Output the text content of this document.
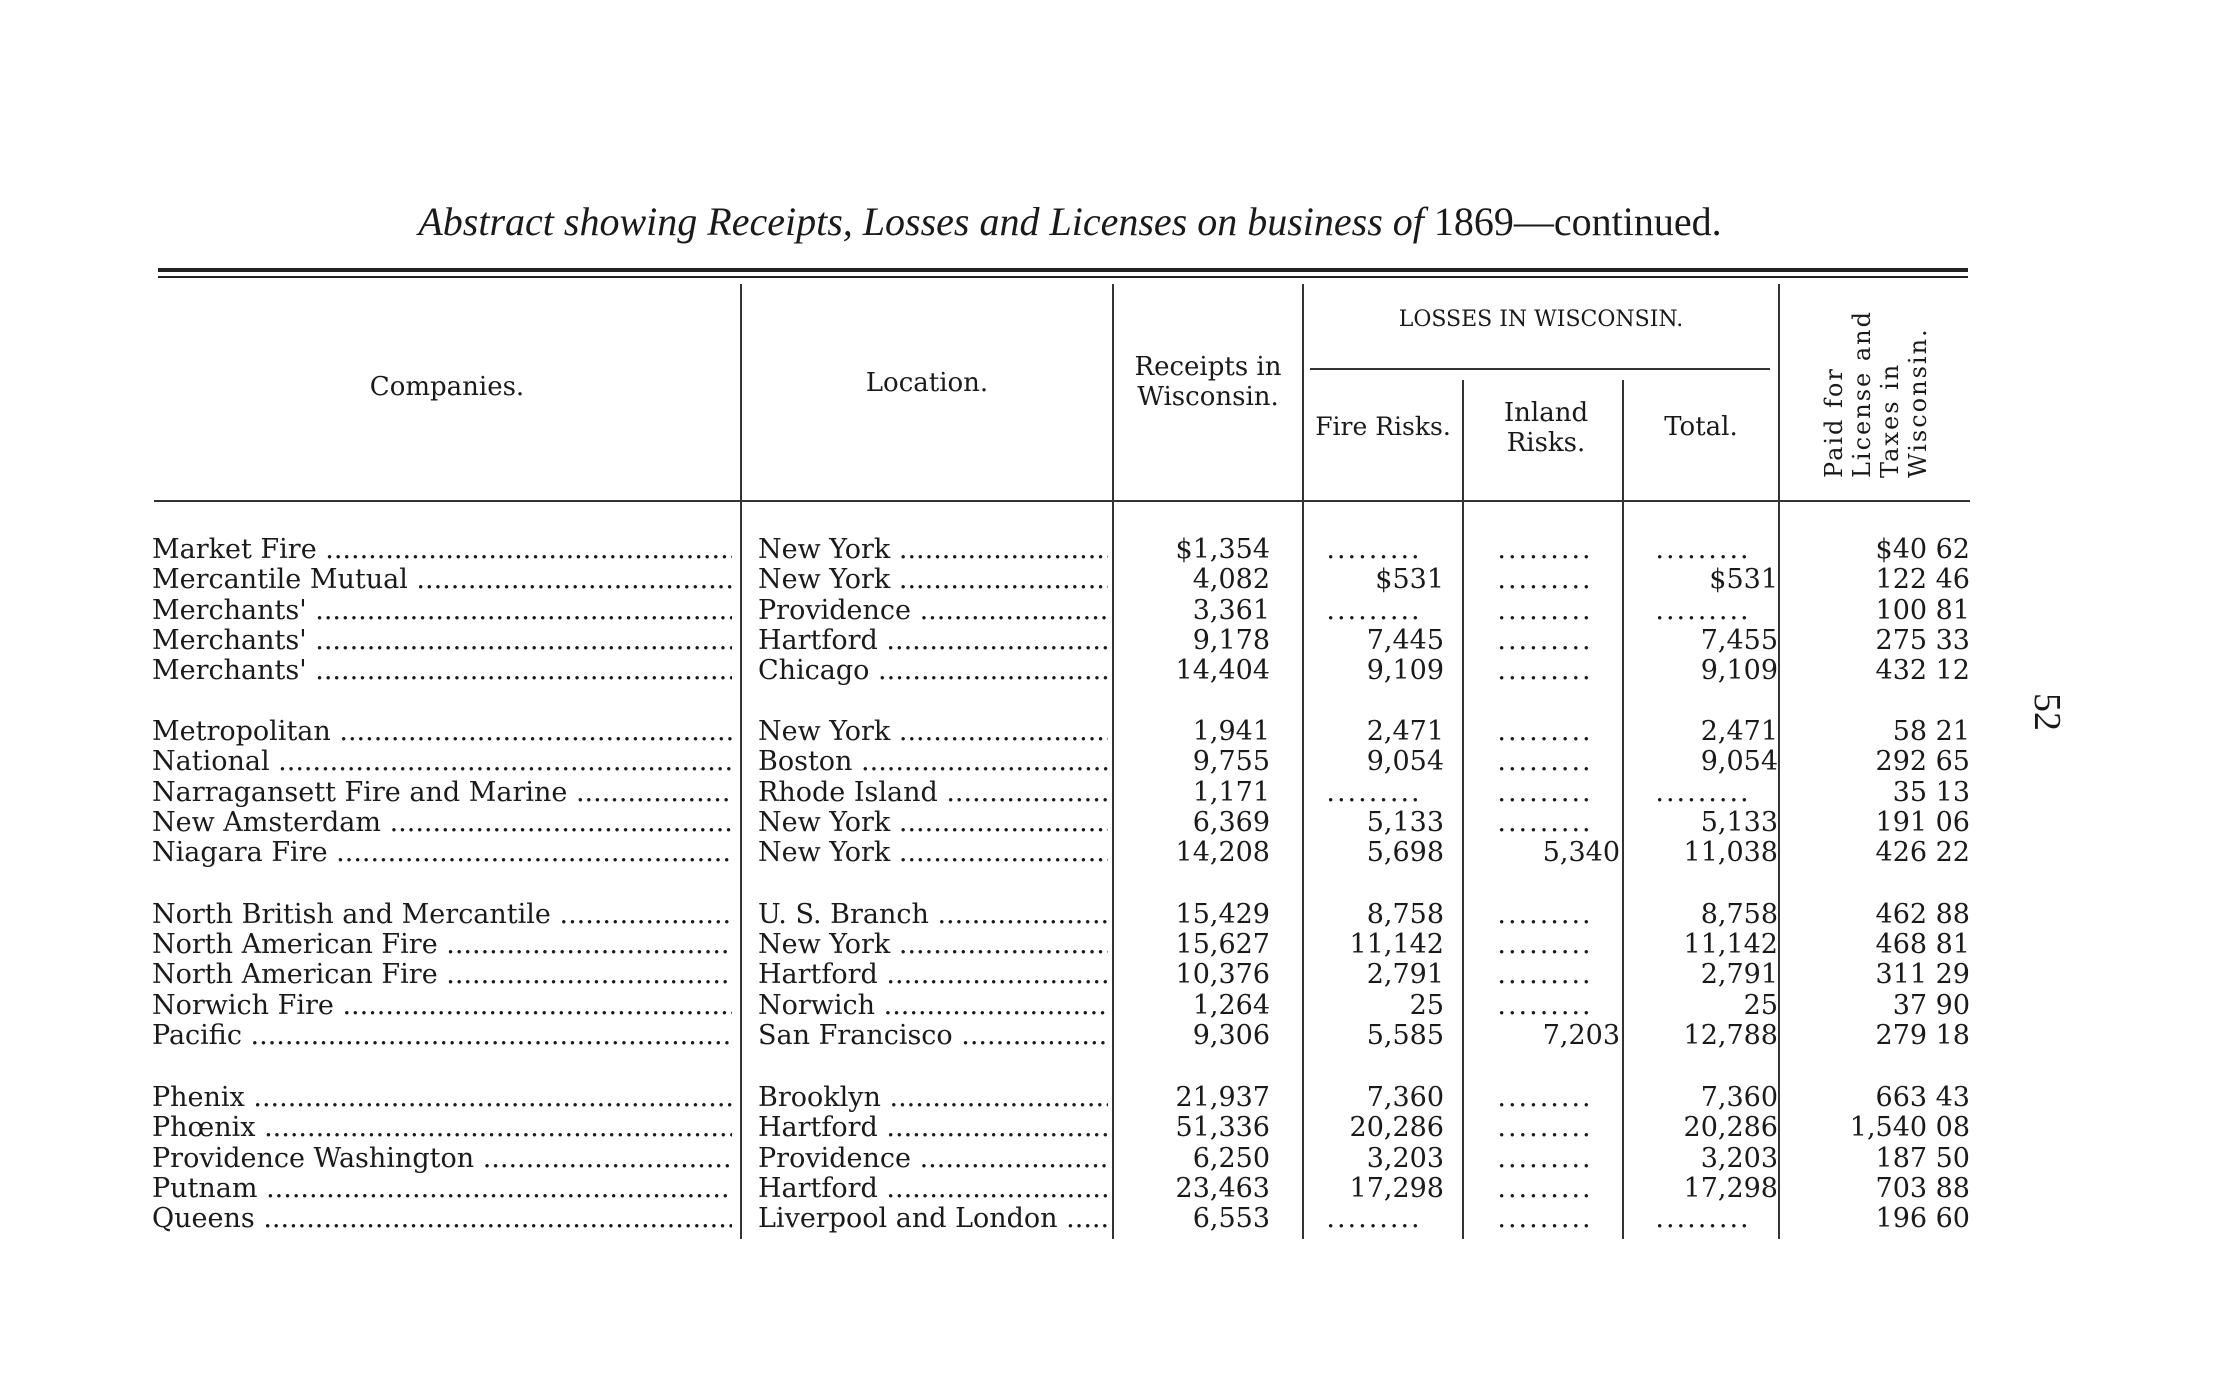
Abstract showing Receipts, Losses and Licenses on business of 1869—continued.
Companies.	Location.
Receipts in Wisconsin.
LOSSES IN WISCONSIN.
Fire Risks.	Inland Risks.
Total.	Paid for License and Taxes in Wisconsin.
52
Market Fire .....	New York .....	$1,354	.........	.........	.........	$40 62
Mercantile Mutual .....	New York .....	4,082	$531	.........	$531	122 46
Merchants' .....	Providence .....	3,361	.........	.........	.........	100 81
Merchants' .....	Hartford .....	9,178	7,445	.........	7,455	275 33
Merchants' .....	Chicago .....	14,404	9,109	.........	9,109	432 12
Metropolitan .....	New York .....	1,941	2,471	.........	2,471	58 21
National .....	Boston .....	9,755	9,054	.........	9,054	292 65
Narragansett Fire and Marine .....	Rhode Island .....	1,171	.........	.........	.........	35 13
New Amsterdam .....	New York .....	6,369	5,133	.........	5,133	191 06
Niagara Fire .....	New York .....	14,208	5,698	5,340	11,038	426 22
North British and Mercantile .....	U. S. Branch .....	15,429	8,758	.........	8,758	462 88
North American Fire .....	New York .....	15,627	11,142	.........	11,142	468 81
North American Fire .....	Hartford .....	10,376	2,791	.........	2,791	311 29
Norwich Fire .....	Norwich .....	1,264	25	.........	25	37 90
Pacific .....	San Francisco .....	9,306	5,585	7,203	12,788	279 18
Phenix .....	Brooklyn .....	21,937	7,360	.........	7,360	663 43
Phœnix .....	Hartford .....	51,336	20,286	.........	20,286	1,540 08
Providence Washington .....	Providence .....	6,250	3,203	.........	3,203	187 50
Putnam .....	Hartford .....	23,463	17,298	.........	17,298	703 88
Queens .....	Liverpool and London .....	6,553	.........	.........	.........	196 60
